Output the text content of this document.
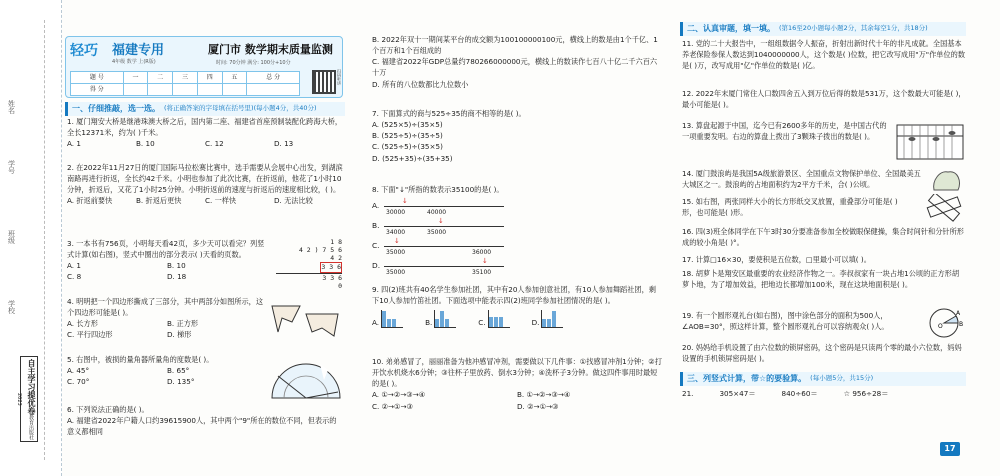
姓名
学号
班级
学校
自主学习提优卷教育出版社 2023
轻巧	福建专用
4年级 数学 上(R版)
厦门市 数学期末质量监测
时间: 70分钟 满分: 100分+10分
题 号	一	二	三	四	五	总 分
得 分						
扫码听讲
一、仔细推敲，选一选。 (将正确答案的字母填在括号里)(每小题4分，共40分)
1. 厦门翔安大桥是继港珠澳大桥之后，国内第二座、福建省首座预制装配化跨海大桥，全长12371米，约为( )千米。
A. 1	B. 10	C. 12	D. 13
2. 在2022年11月27日的厦门国际马拉松赛比赛中，选手需要从会展中心出发，到湖滨南路再进行折返，全长约42千米。小明也参加了此次比赛，在折返前，他花了1小时10分钟，折返后，又花了1小时25分钟。小明折返前的速度与折返后的速度相比较，( )。
A. 折返前要快	B. 折返后更快	C. 一样快	D. 无法比较
3. 一本书有756页，小明每天看42页，多少天可以看完？列竖式计算(如右图)，竖式中圈出的部分表示( )天看的页数。
A. 1	B. 10
C. 8	D. 18
1 8
4 2 ) 7 5 6
4 2
3 3 6
3 3 6
0
4. 明明把一个四边形撕成了三部分，其中两部分如图所示，这个四边形可能是( )。
A. 长方形	B. 正方形
C. 平行四边形	D. 梯形
5. 右图中，被损的量角器所量角的度数是( )。
A. 45°	B. 65°
C. 70°	D. 135°
6. 下列说法正确的是( )。
A. 福建省2022年户籍人口约39615900人，其中两个"9"所在的数位不同，但表示的意义都相同
B. 2022年双十一期间某平台的成交额为100100000100元，横线上的数是由1个千亿、1个百万和1个百组成的
C. 福建省2022年GDP总量约780266000000元，横线上的数读作七百八十亿二千六百六十万
D. 所有的八位数都比九位数小
7. 下面算式的商与525÷35的商不相等的是( )。
A. (525×5)÷(35×5)
B. (525÷5)÷(35÷5)
C. (525÷5)÷(35×5)
D. (525+35)÷(35+35)
8. 下面"↓"所指的数表示35100的是( )。
A.
30000	40000
↓
B.
34000	35000
↓
C.
35000	36000
↓
D.
35000	35100
↓
9. 四(2)班共有40名学生参加社团，其中有20人参加创意社团，有10人参加舞蹈社团，剩下10人参加竹笛社团。下面选项中能表示四(2)班同学参加社团情况的是( )。
A.	B.	C.	D.
10. 弟弟感冒了，丽丽准备为他冲感冒冲剂，需要做以下几件事：①找感冒冲剂1分钟；②打开饮水机烧水6分钟；③往杯子里放药、倒水3分钟；④洗杯子3分钟。做这四件事用时最短的是( )。
A. ①→②→③→④	B. ①→②→③→④
C. ②→①→③	D. ②→①→③
二、认真审题，填一填。 (第16至20小题每小题2分，其余每空1分，共18分)
11. 党的二十大报告中，一组组数据令人振奋，折射出新时代十年的非凡成就。全国基本养老保险参保人数达到1040000000人，这个数是( )位数，把它改写成用"万"作单位的数是( )万，改写成用"亿"作单位的数是( )亿。
12. 2022年末厦门常住人口数四舍五入到万位后得的数是531万，这个数最大可能是( )，最小可能是( )。
13. 算盘起源于中国，迄今已有2600多年的历史，是中国古代的一项重要发明。右边的算盘上拨出了3颗珠子拨出的数是( )。
14. 厦门鼓浪屿是我国5A级旅游景区、全国重点文物保护单位、全国最美五大城区之一。鼓浪屿的占地面积约为2平方千米，合( )公顷。
15. 如右图，两张同样大小的长方形纸交叉放置，重叠部分可能是( )形，也可能是( )形。
16. 四(3)班全体同学在下午3时30分要准备参加全校做眼保健操，集合时间针和分针所形成的较小角是( )°。
17. 计算□16×30，要使积是五位数，□里最小可以填( )。
18. 胡萝卜是翔安区最重要的农业经济作物之一。李叔叔家有一块占地1公顷的正方形胡萝卜地，为了增加效益，把地边长都增加100米，现在这块地面积是( )。
19. 有一个圆形观礼台(如右图)，图中涂色部分的面积为500人，∠AOB=30°，照这样计算，整个圆形观礼台可以容纳观众( )人。	B
A
O
20. 妈妈给手机设置了由六位数的锁屏密码，这个密码是只读两个零的最小六位数，妈妈设置的手机锁屏密码是( )。
三、列竖式计算，带☆的要验算。 (每小题5分，共15分)
21.	305×47＝	840÷60＝	☆ 956÷28＝
17
